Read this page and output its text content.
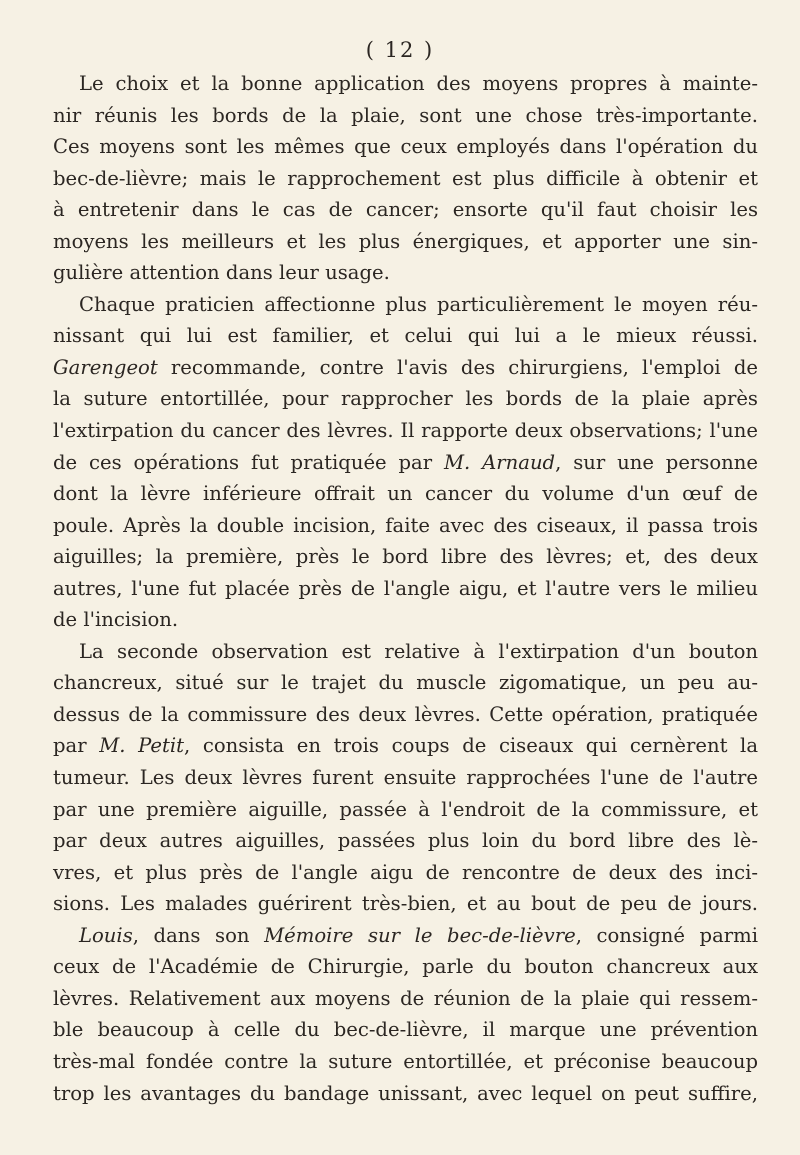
( 12 )
Le choix et la bonne application des moyens propres à mainte-
nir réunis les bords de la plaie, sont une chose très-importante.
Ces moyens sont les mêmes que ceux employés dans l'opération du
bec-de-lièvre; mais le rapprochement est plus difficile à obtenir et
à entretenir dans le cas de cancer; ensorte qu'il faut choisir les
moyens les meilleurs et les plus énergiques, et apporter une sin-
gulière attention dans leur usage.
Chaque praticien affectionne plus particulièrement le moyen réu-
nissant qui lui est familier, et celui qui lui a le mieux réussi.
Garengeot recommande, contre l'avis des chirurgiens, l'emploi de
la suture entortillée, pour rapprocher les bords de la plaie après
l'extirpation du cancer des lèvres. Il rapporte deux observations; l'une
de ces opérations fut pratiquée par M. Arnaud, sur une personne
dont la lèvre inférieure offrait un cancer du volume d'un œuf de
poule. Après la double incision, faite avec des ciseaux, il passa trois
aiguilles; la première, près le bord libre des lèvres; et, des deux
autres, l'une fut placée près de l'angle aigu, et l'autre vers le milieu
de l'incision.
La seconde observation est relative à l'extirpation d'un bouton
chancreux, situé sur le trajet du muscle zigomatique, un peu au-
dessus de la commissure des deux lèvres. Cette opération, pratiquée
par M. Petit, consista en trois coups de ciseaux qui cernèrent la
tumeur. Les deux lèvres furent ensuite rapprochées l'une de l'autre
par une première aiguille, passée à l'endroit de la commissure, et
par deux autres aiguilles, passées plus loin du bord libre des lè-
vres, et plus près de l'angle aigu de rencontre de deux des inci-
sions. Les malades guérirent très-bien, et au bout de peu de jours.
Louis, dans son Mémoire sur le bec-de-lièvre, consigné parmi
ceux de l'Académie de Chirurgie, parle du bouton chancreux aux
lèvres. Relativement aux moyens de réunion de la plaie qui ressem-
ble beaucoup à celle du bec-de-lièvre, il marque une prévention
très-mal fondée contre la suture entortillée, et préconise beaucoup
trop les avantages du bandage unissant, avec lequel on peut suffire,
